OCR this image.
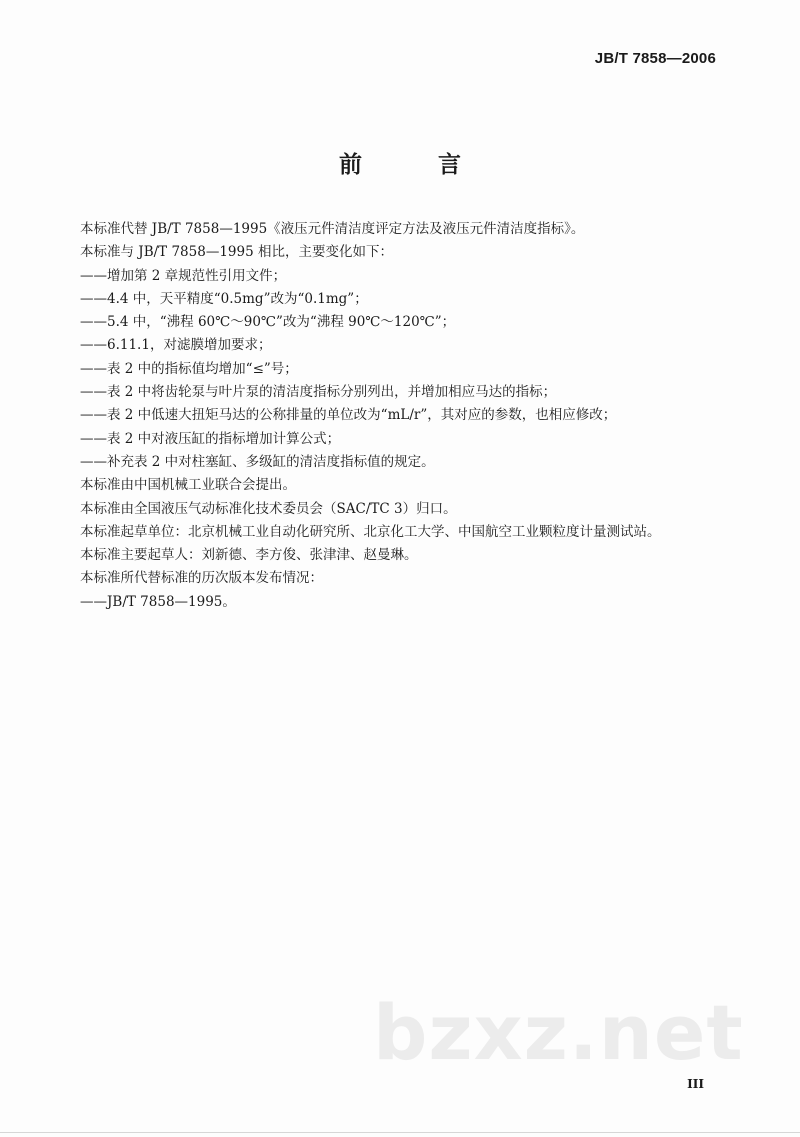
JB/T 7858—2006
前 言
本标准代替 JB/T 7858—1995《液压元件清洁度评定方法及液压元件清洁度指标》。
本标准与 JB/T 7858—1995 相比，主要变化如下：
——增加第 2 章规范性引用文件；
——4.4 中，天平精度“0.5mg”改为“0.1mg”；
——5.4 中，“沸程 60℃～90℃”改为“沸程 90℃～120℃”；
——6.11.1，对滤膜增加要求；
——表 2 中的指标值均增加“≤”号；
——表 2 中将齿轮泵与叶片泵的清洁度指标分别列出，并增加相应马达的指标；
——表 2 中低速大扭矩马达的公称排量的单位改为“mL/r”，其对应的参数，也相应修改；
——表 2 中对液压缸的指标增加计算公式；
——补充表 2 中对柱塞缸、多级缸的清洁度指标值的规定。
本标准由中国机械工业联合会提出。
本标准由全国液压气动标准化技术委员会（SAC/TC 3）归口。
本标准起草单位：北京机械工业自动化研究所、北京化工大学、中国航空工业颗粒度计量测试站。
本标准主要起草人：刘新德、李方俊、张津津、赵曼琳。
本标准所代替标准的历次版本发布情况：
——JB/T 7858—1995。
bzxz.net
III
